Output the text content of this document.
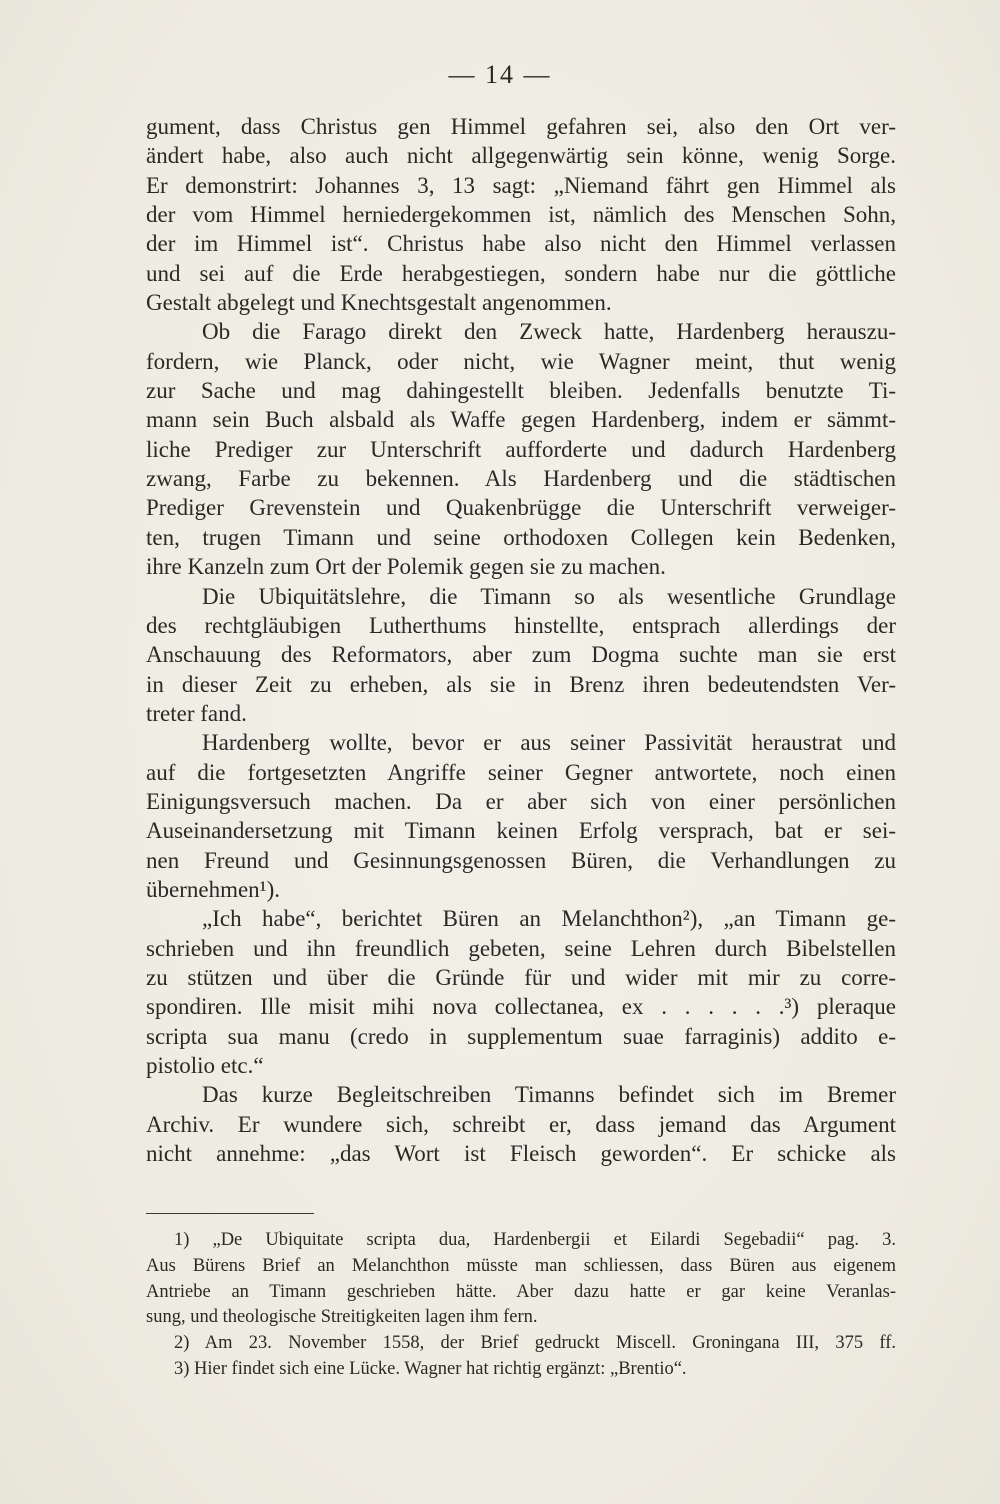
— 14 —
gument, dass Christus gen Himmel gefahren sei, also den Ort ver-
ändert habe, also auch nicht allgegenwärtig sein könne, wenig Sorge.
Er demonstrirt: Johannes 3, 13 sagt: „Niemand fährt gen Himmel als
der vom Himmel herniedergekommen ist, nämlich des Menschen Sohn,
der im Himmel ist“. Christus habe also nicht den Himmel verlassen
und sei auf die Erde herabgestiegen, sondern habe nur die göttliche
Gestalt abgelegt und Knechtsgestalt angenommen.
Ob die Farago direkt den Zweck hatte, Hardenberg herauszu-
fordern, wie Planck, oder nicht, wie Wagner meint, thut wenig
zur Sache und mag dahingestellt bleiben. Jedenfalls benutzte Ti-
mann sein Buch alsbald als Waffe gegen Hardenberg, indem er sämmt-
liche Prediger zur Unterschrift aufforderte und dadurch Hardenberg
zwang, Farbe zu bekennen. Als Hardenberg und die städtischen
Prediger Grevenstein und Quakenbrügge die Unterschrift verweiger-
ten, trugen Timann und seine orthodoxen Collegen kein Bedenken,
ihre Kanzeln zum Ort der Polemik gegen sie zu machen.
Die Ubiquitätslehre, die Timann so als wesentliche Grundlage
des rechtgläubigen Lutherthums hinstellte, entsprach allerdings der
Anschauung des Reformators, aber zum Dogma suchte man sie erst
in dieser Zeit zu erheben, als sie in Brenz ihren bedeutendsten Ver-
treter fand.
Hardenberg wollte, bevor er aus seiner Passivität heraustrat und
auf die fortgesetzten Angriffe seiner Gegner antwortete, noch einen
Einigungsversuch machen. Da er aber sich von einer persönlichen
Auseinandersetzung mit Timann keinen Erfolg versprach, bat er sei-
nen Freund und Gesinnungsgenossen Büren, die Verhandlungen zu
übernehmen¹).
„Ich habe“, berichtet Büren an Melanchthon²), „an Timann ge-
schrieben und ihn freundlich gebeten, seine Lehren durch Bibelstellen
zu stützen und über die Gründe für und wider mit mir zu corre-
spondiren. Ille misit mihi nova collectanea, ex . . . . . .³) pleraque
scripta sua manu (credo in supplementum suae farraginis) addito e-
pistolio etc.“
Das kurze Begleitschreiben Timanns befindet sich im Bremer
Archiv. Er wundere sich, schreibt er, dass jemand das Argument
nicht annehme: „das Wort ist Fleisch geworden“. Er schicke als
1) „De Ubiquitate scripta dua, Hardenbergii et Eilardi Segebadii“ pag. 3.
Aus Bürens Brief an Melanchthon müsste man schliessen, dass Büren aus eigenem
Antriebe an Timann geschrieben hätte. Aber dazu hatte er gar keine Veranlas-
sung, und theologische Streitigkeiten lagen ihm fern.
2) Am 23. November 1558, der Brief gedruckt Miscell. Groningana III, 375 ff.
3) Hier findet sich eine Lücke. Wagner hat richtig ergänzt: „Brentio“.
